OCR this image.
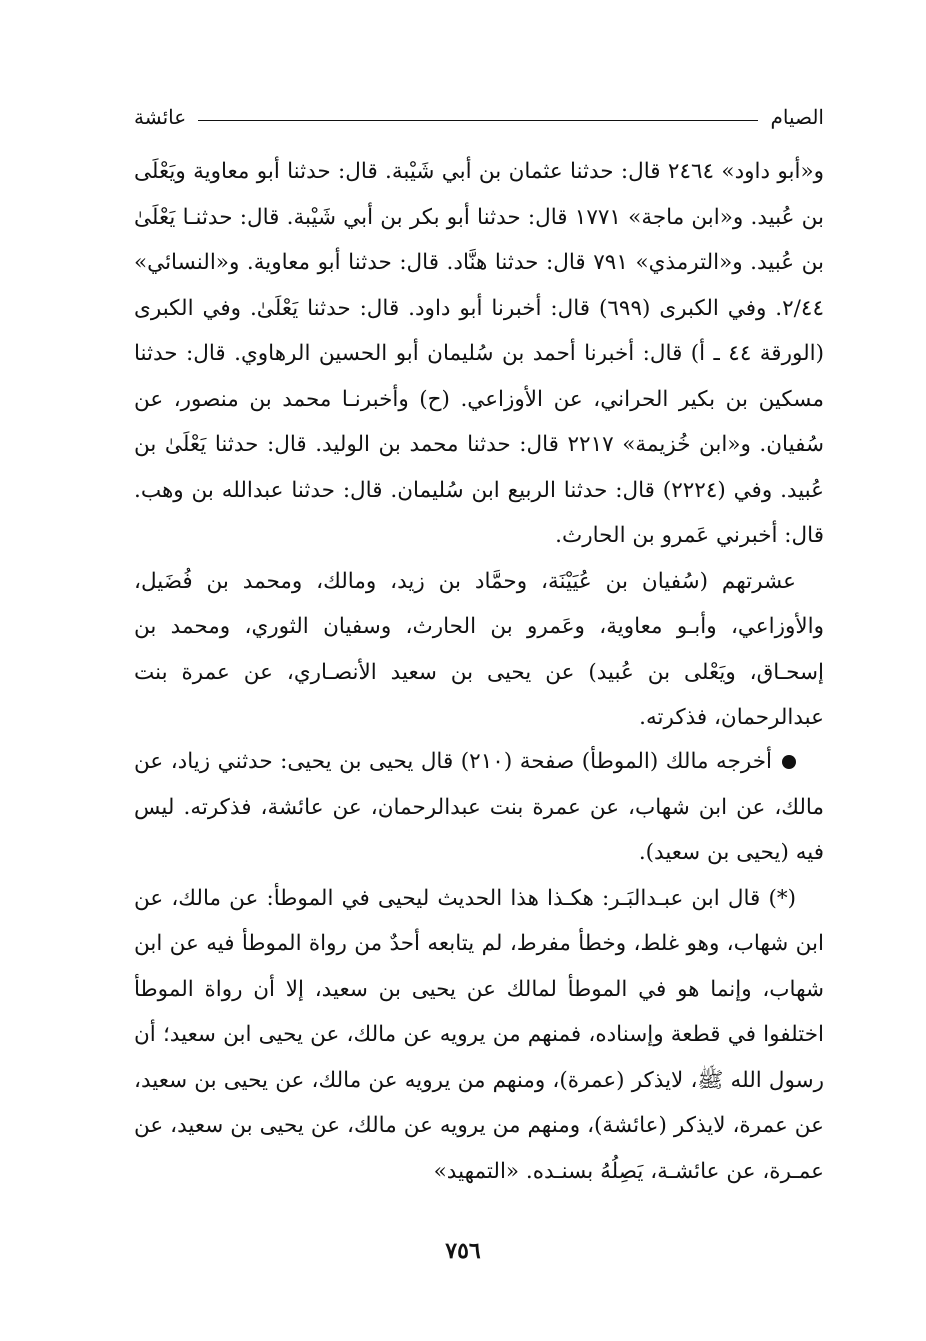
الصيام
عائشة

و«أبو داود» ٢٤٦٤ قال: حدثنا عثمان بن أبي شَيْبة. قال: حدثنا أبو معاوية ويَعْلَى بن عُبيد. و«ابن ماجة» ١٧٧١ قال: حدثنا أبو بكر بن أبي شَيْبة. قال: حدثنـا يَعْلَىٰ بن عُبيد. و«الترمذي» ٧٩١ قال: حدثنا هنَّاد. قال: حدثنا أبو معاوية. و«النسائي» ٢/٤٤. وفي الكبرى (٦٩٩) قال: أخبرنا أبو داود. قال: حدثنا يَعْلَىٰ. وفي الكبرى (الورقة ٤٤ ـ أ) قال: أخبرنا أحمد بن سُليمان أبو الحسين الرهاوي. قال: حدثنا مسكين بن بكير الحراني، عن الأوزاعي. (ح) وأخبرنـا محمد بن منصور، عن سُفيان. و«ابن خُزيمة» ٢٢١٧ قال: حدثنا محمد بن الوليد. قال: حدثنا يَعْلَىٰ بن عُبيد. وفي (٢٢٢٤) قال: حدثنا الربيع ابن سُليمان. قال: حدثنا عبدالله بن وهب. قال: أخبرني عَمرو بن الحارث.

عشرتهم (سُفيان بن عُيَيْنَة، وحمَّاد بن زيد، ومالك، ومحمد بن فُضَيل، والأوزاعي، وأبـو معاوية، وعَمرو بن الحارث، وسفيان الثوري، ومحمد بن إسحـاق، ويَعْلى بن عُبيد) عن يحيى بن سعيد الأنصـاري، عن عمرة بنت عبدالرحمان، فذكرته.

أخرجه مالك (الموطأ) صفحة (٢١٠) قال يحيى بن يحيى: حدثني زياد، عن مالك، عن ابن شهاب، عن عمرة بنت عبدالرحمان، عن عائشة، فذكرته. ليس فيه (يحيى بن سعيد).

(*) قال ابن عبـدالبَـر: هكـذا هذا الحديث ليحيى في الموطأ: عن مالك، عن ابن شهاب، وهو غلط، وخطأ مفرط، لم يتابعه أحدٌ من رواة الموطأ فيه عن ابن شهاب، وإنما هو في الموطأ لمالك عن يحيى بن سعيد، إلا أن رواة الموطأ اختلفوا في قطعة وإسناده، فمنهم من يرويه عن مالك، عن يحيى ابن سعيد؛ أن رسول الله ﷺ، لايذكر (عمرة)، ومنهم من يرويه عن مالك، عن يحيى بن سعيد، عن عمرة، لايذكر (عائشة)، ومنهم من يرويه عن مالك، عن يحيى بن سعيد، عن عمـرة، عن عائشـة، يَصِلُهُ بسنـده. «التمهيد»

٧٥٦
